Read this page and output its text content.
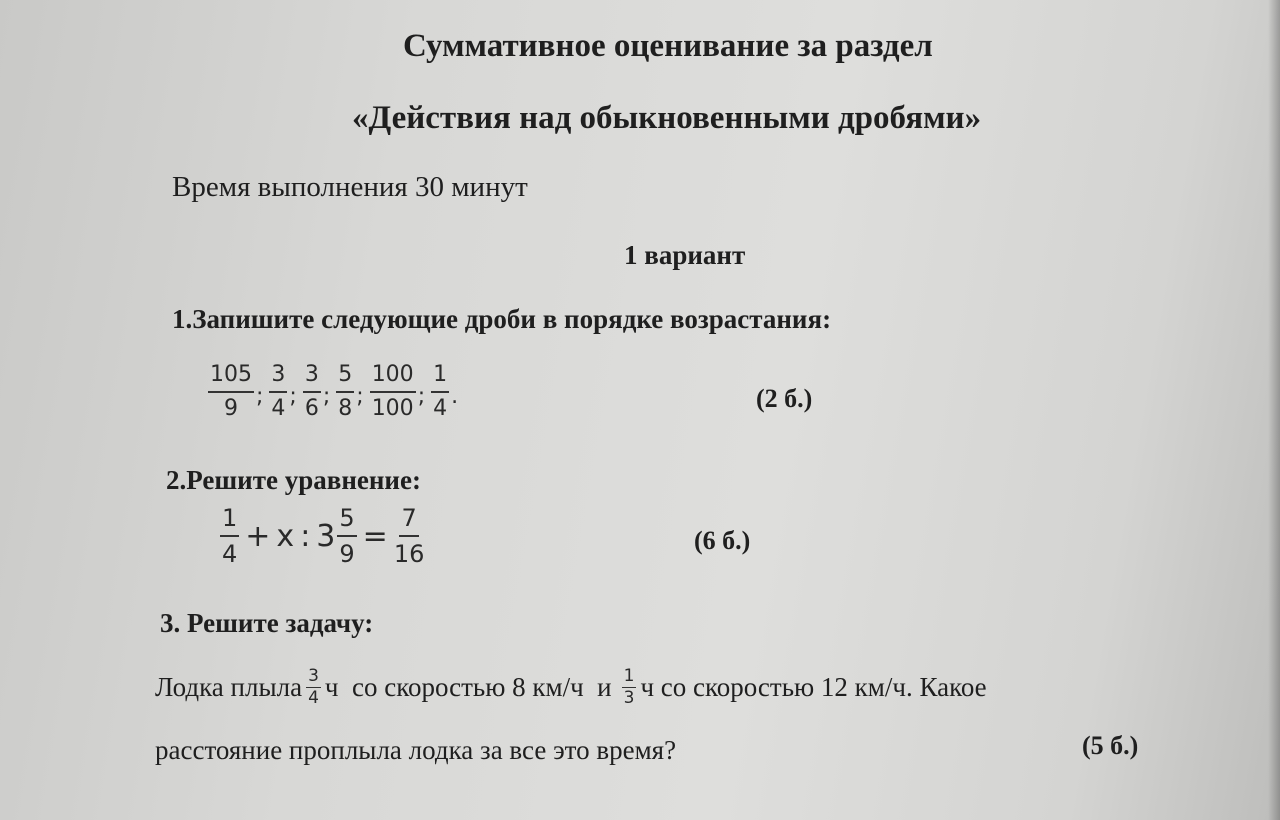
Суммативное оценивание за раздел
«Действия над обыкновенными дробями»
Время выполнения 30 минут
1 вариант
1.Запишите следующие дроби в порядке возрастания:
$\frac{105}{9}$ ; $\frac{3}{4}$ ; $\frac{3}{6}$ ; $\frac{5}{8}$ ; $\frac{100}{100}$ ; $\frac{1}{4}$ .	(2 б.)
2.Решите уравнение:
$\frac{1}{4} + x$ : $3 \frac{5}{9} = \frac{7}{16}$	(6 б.)
3. Решите задачу:
Лодка плыла $\frac{3}{4}$ ч  со скоростью 8 км/ч  и $\frac{1}{3}$ ч со скоростью 12 км/ч. Какое
расстояние проплыла лодка за все это время?	(5 б.)
